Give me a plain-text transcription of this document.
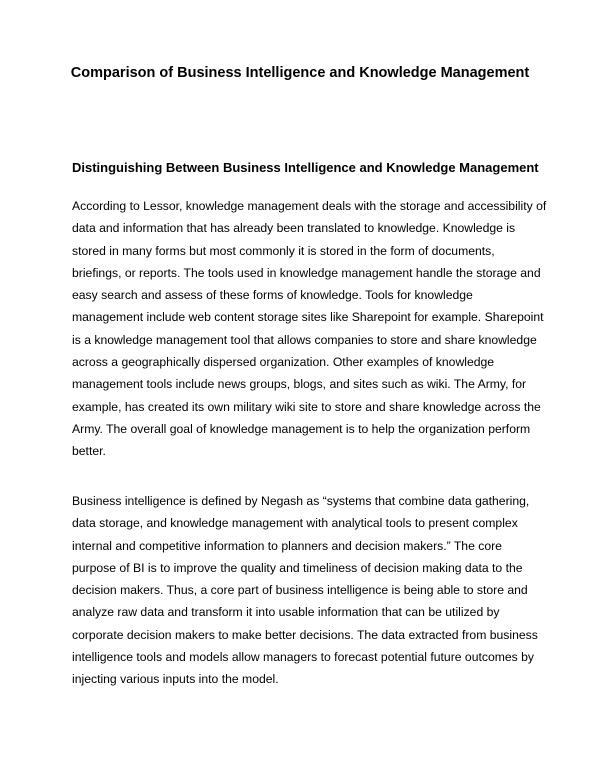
Comparison of Business Intelligence and Knowledge Management
Distinguishing Between Business Intelligence and Knowledge Management

According to Lessor, knowledge management deals with the storage and accessibility of
data and information that has already been translated to knowledge. Knowledge is
stored in many forms but most commonly it is stored in the form of documents,
briefings, or reports. The tools used in knowledge management handle the storage and
easy search and assess of these forms of knowledge. Tools for knowledge
management include web content storage sites like Sharepoint for example. Sharepoint
is a knowledge management tool that allows companies to store and share knowledge
across a geographically dispersed organization. Other examples of knowledge
management tools include news groups, blogs, and sites such as wiki. The Army, for
example, has created its own military wiki site to store and share knowledge across the
Army. The overall goal of knowledge management is to help the organization perform
better.

Business intelligence is defined by Negash as “systems that combine data gathering,
data storage, and knowledge management with analytical tools to present complex
internal and competitive information to planners and decision makers.” The core
purpose of BI is to improve the quality and timeliness of decision making data to the
decision makers. Thus, a core part of business intelligence is being able to store and
analyze raw data and transform it into usable information that can be utilized by
corporate decision makers to make better decisions. The data extracted from business
intelligence tools and models allow managers to forecast potential future outcomes by
injecting various inputs into the model.
